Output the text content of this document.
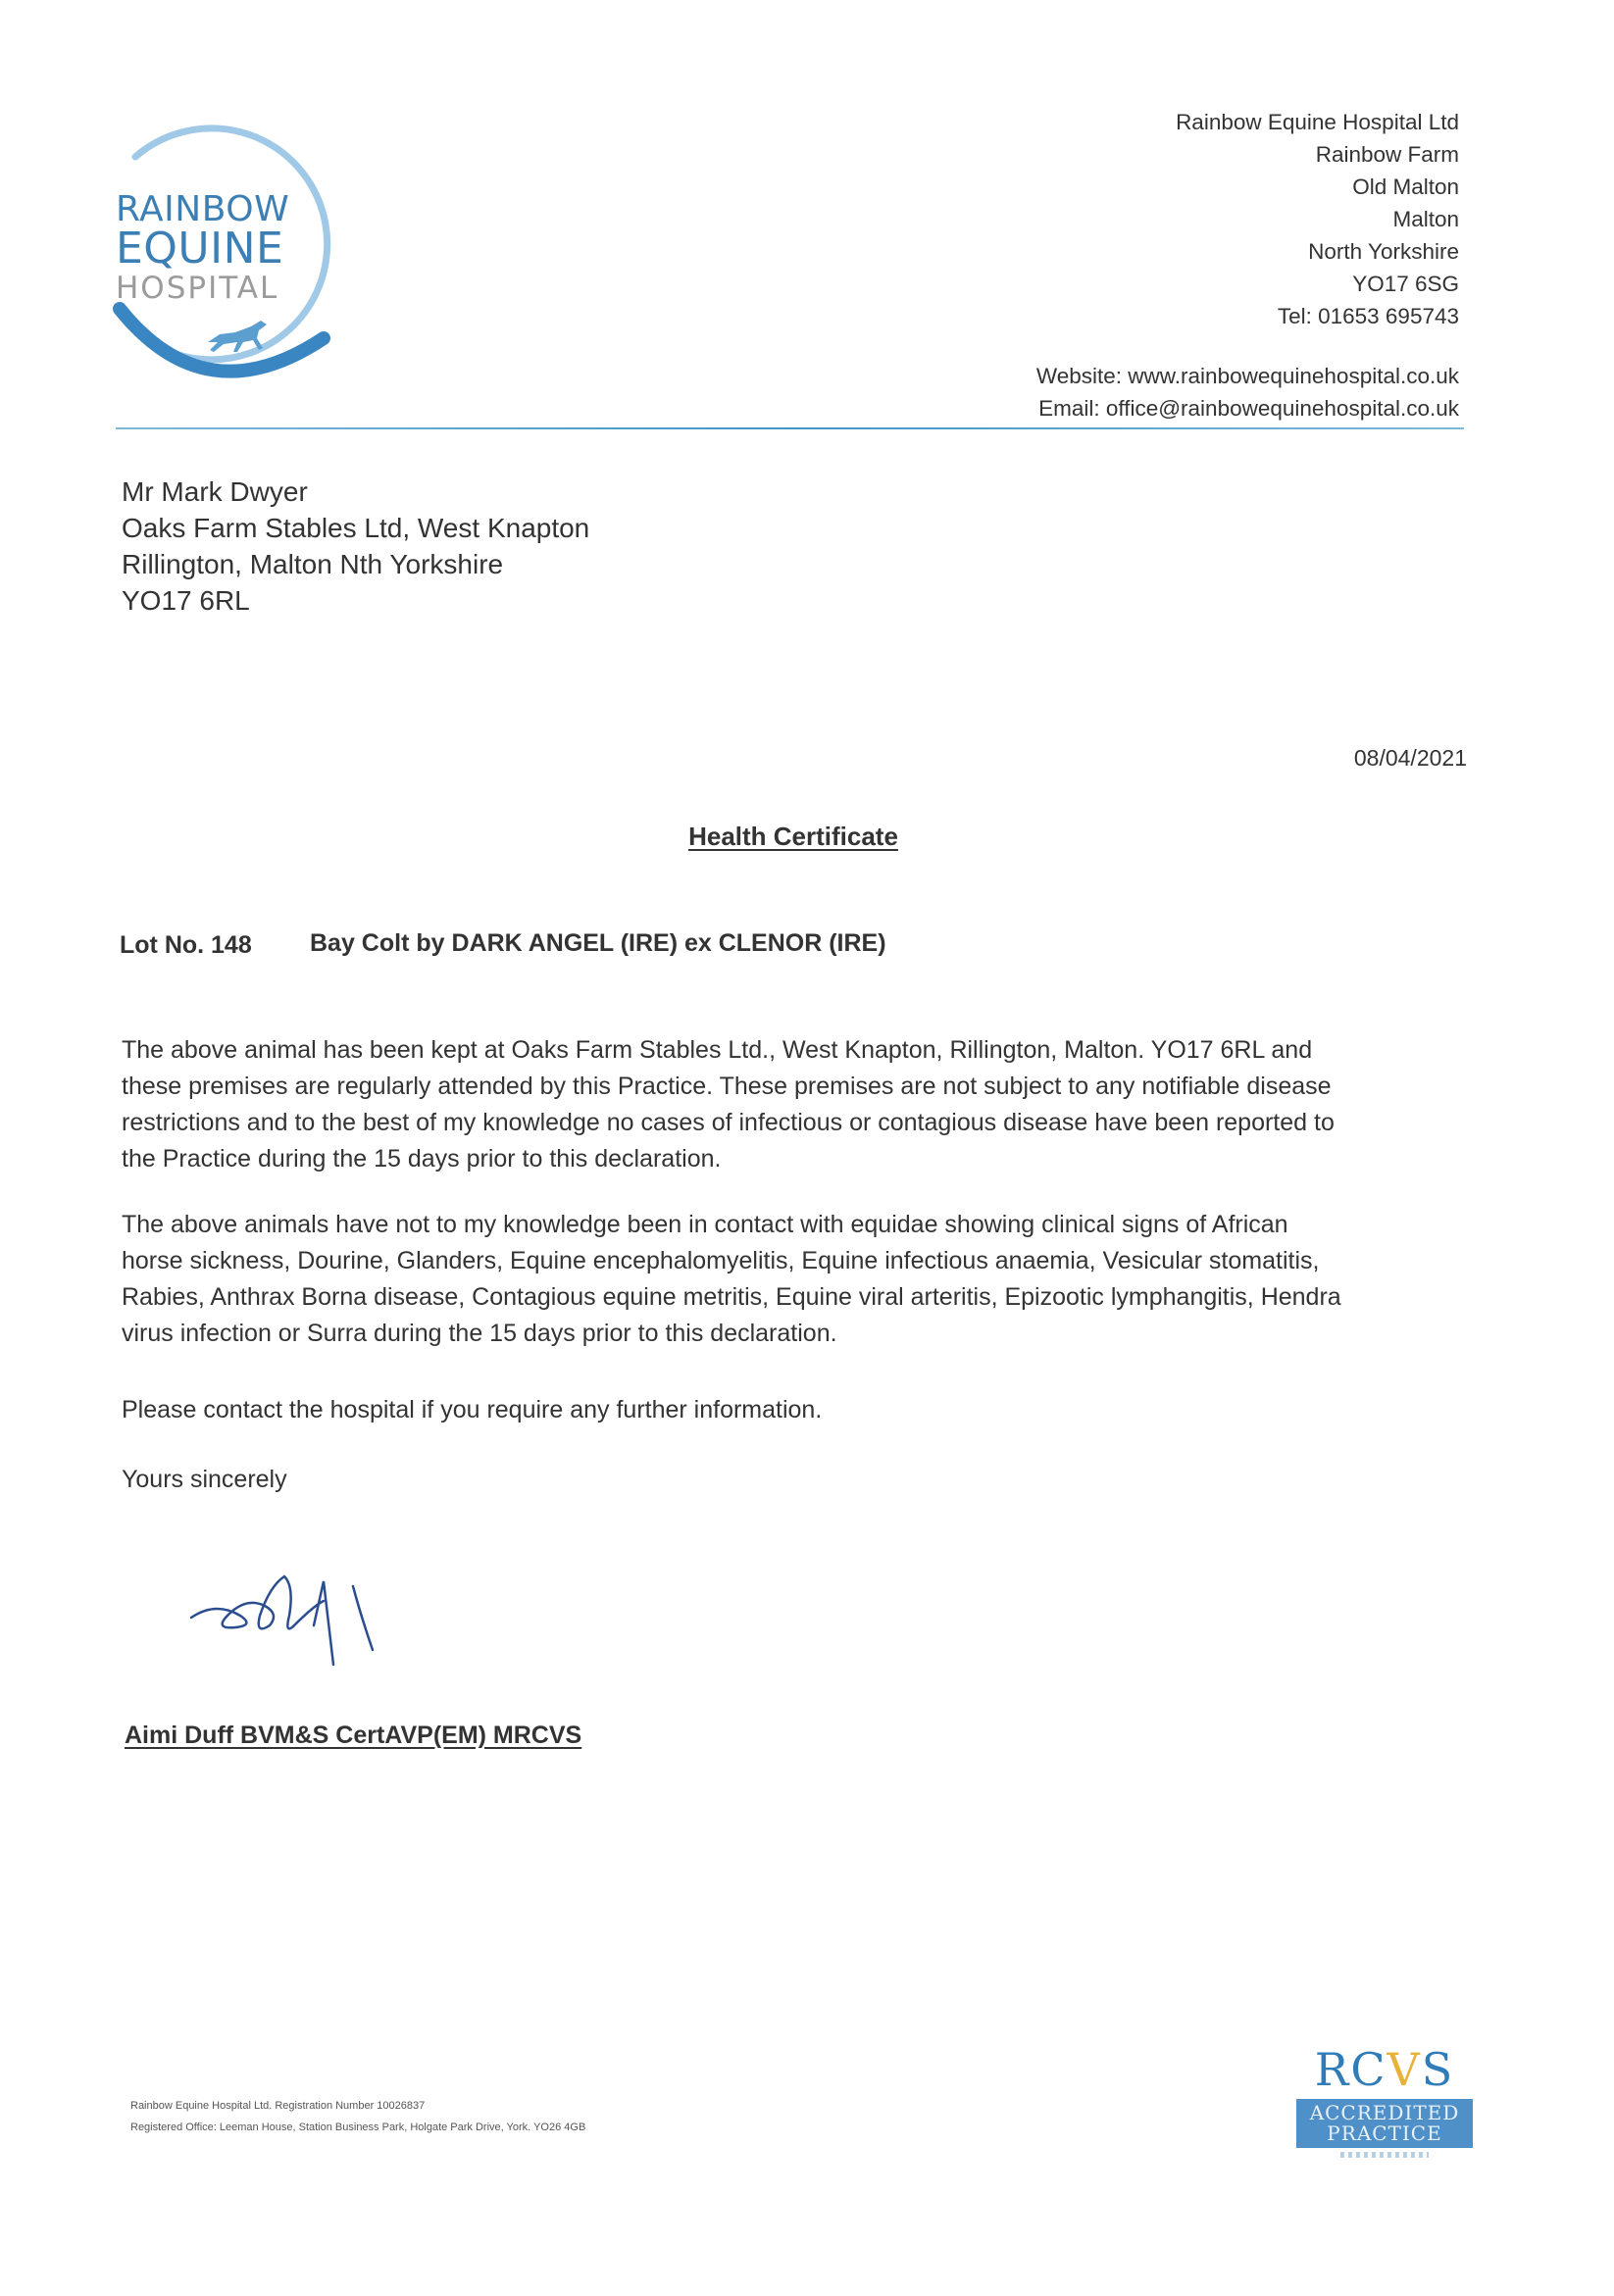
RAINBOW
EQUINE
HOSPITAL
Rainbow Equine Hospital Ltd
Rainbow Farm
Old Malton
Malton
North Yorkshire
YO17 6SG
Tel: 01653 695743
Website: www.rainbowequinehospital.co.uk
Email: office@rainbowequinehospital.co.uk
Mr Mark Dwyer
Oaks Farm Stables Ltd, West Knapton
Rillington, Malton Nth Yorkshire
YO17 6RL
08/04/2021
Health Certificate
Lot No. 148 Bay Colt by DARK ANGEL (IRE) ex CLENOR (IRE)
The above animal has been kept at Oaks Farm Stables Ltd., West Knapton, Rillington, Malton. YO17 6RL and
these premises are regularly attended by this Practice. These premises are not subject to any notifiable disease
restrictions and to the best of my knowledge no cases of infectious or contagious disease have been reported to
the Practice during the 15 days prior to this declaration.
The above animals have not to my knowledge been in contact with equidae showing clinical signs of African
horse sickness, Dourine, Glanders, Equine encephalomyelitis, Equine infectious anaemia, Vesicular stomatitis,
Rabies, Anthrax Borna disease, Contagious equine metritis, Equine viral arteritis, Epizootic lymphangitis, Hendra
virus infection or Surra during the 15 days prior to this declaration.
Please contact the hospital if you require any further information.
Yours sincerely
Aimi Duff BVM&S CertAVP(EM) MRCVS
Rainbow Equine Hospital Ltd. Registration Number 10026837
Registered Office: Leeman House, Station Business Park, Holgate Park Drive, York. YO26 4GB
RCVS
ACCREDITED
PRACTICE
